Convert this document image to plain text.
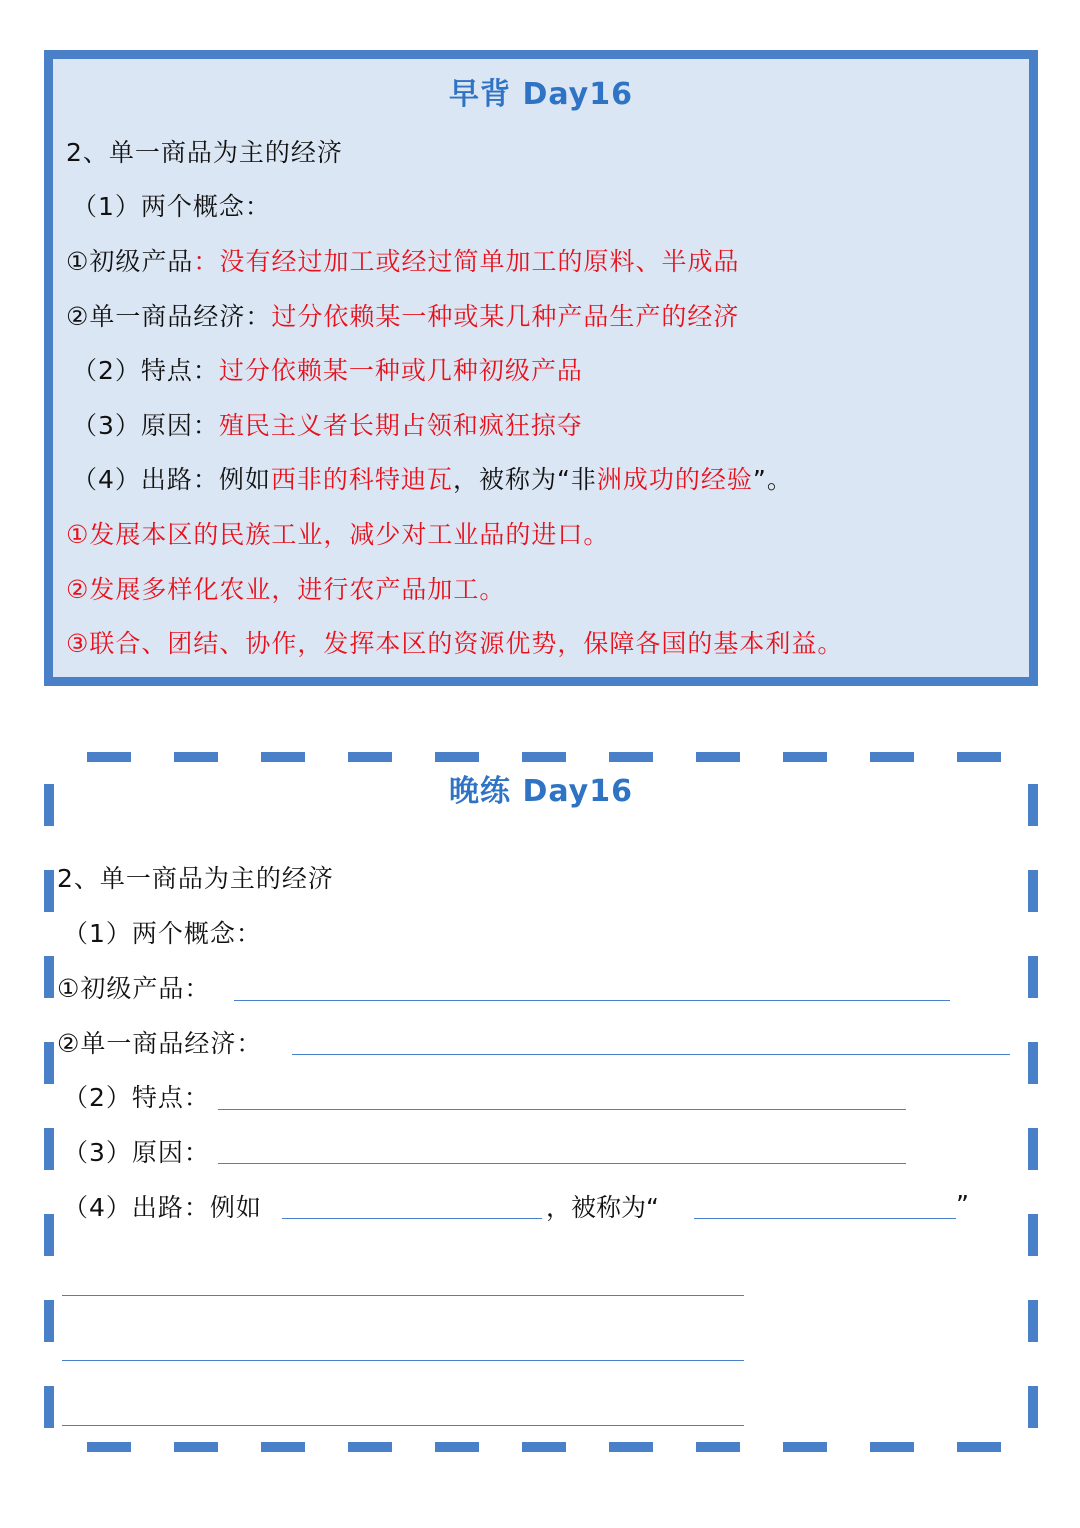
早背 Day16
2、单一商品为主的经济
（1）两个概念：
①初级产品：没有经过加工或经过简单加工的原料、半成品
②单一商品经济：过分依赖某一种或某几种产品生产的经济
（2）特点：过分依赖某一种或几种初级产品
（3）原因：殖民主义者长期占领和疯狂掠夺
（4）出路：例如西非的科特迪瓦，被称为“非洲成功的经验”。
①发展本区的民族工业，减少对工业品的进口。
②发展多样化农业，进行农产品加工。
③联合、团结、协作，发挥本区的资源优势，保障各国的基本利益。
晚练 Day16
2、单一商品为主的经济
（1）两个概念：
①初级产品：
②单一商品经济：
（2）特点：
（3）原因：
（4）出路：例如	，被称为“	”
